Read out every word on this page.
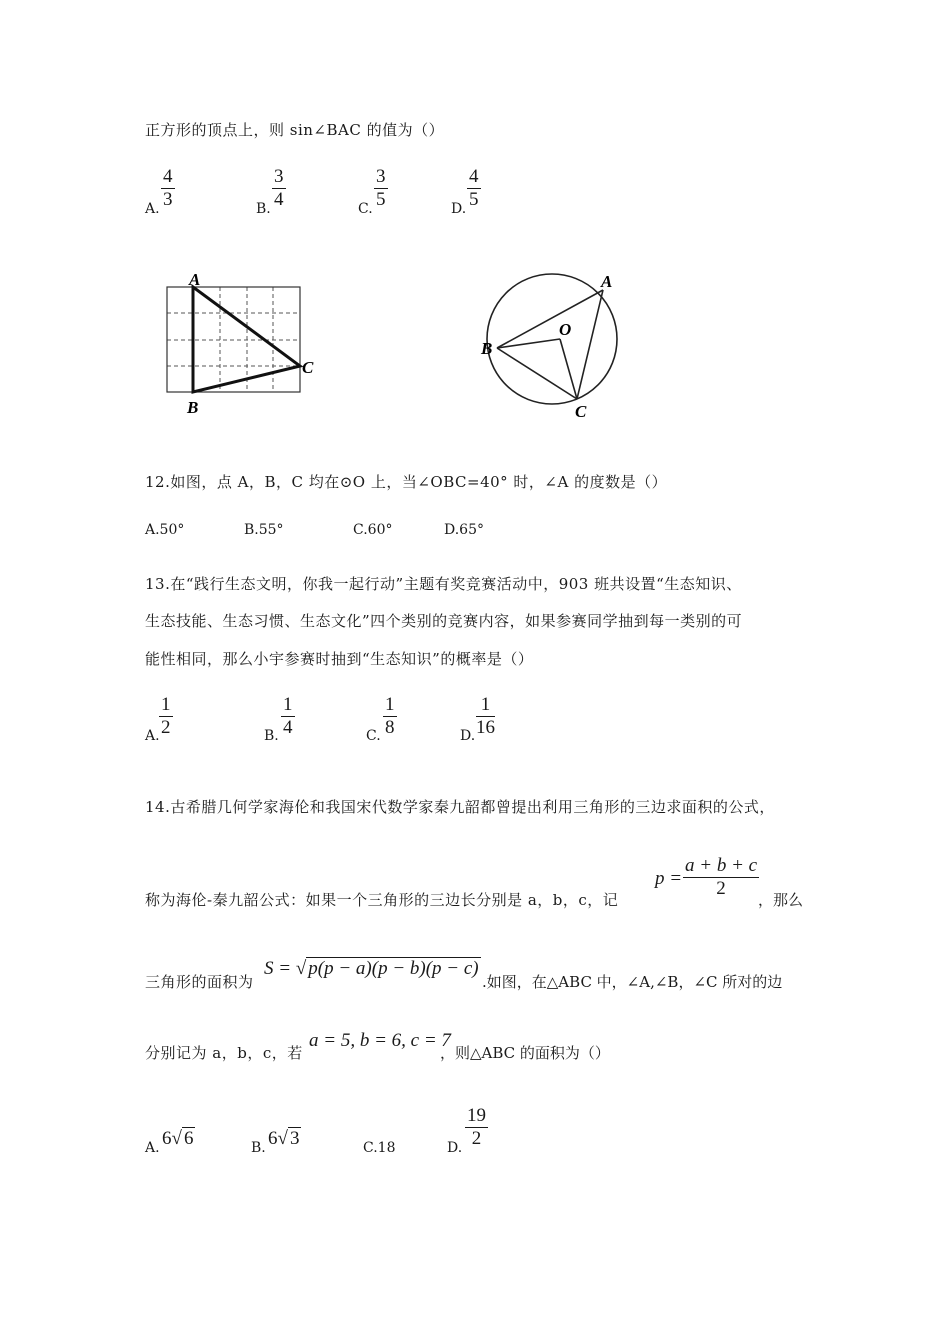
正方形的顶点上，则 sin∠BAC 的值为（）
A. $\frac{4}{3}$	B. $\frac{3}{4}$	C. $\frac{3}{5}$	D. $\frac{4}{5}$
A
B
C
A
B
C
O
12.如图，点 A，B，C 均在⊙O 上，当∠OBC=40° 时，∠A 的度数是（）
A.50°	B.55°	C.60°	D.65°
13.在“践行生态文明，你我一起行动”主题有奖竞赛活动中，903 班共设置“生态知识、
生态技能、生态习惯、生态文化”四个类别的竞赛内容，如果参赛同学抽到每一类别的可
能性相同，那么小宇参赛时抽到“生态知识”的概率是（）
A. $\frac{1}{2}$	B. $\frac{1}{4}$	C. $\frac{1}{8}$	D. $\frac{1}{16}$
14.古希腊几何学家海伦和我国宋代数学家秦九韶都曾提出利用三角形的三边求面积的公式，
称为海伦-秦九韶公式：如果一个三角形的三边长分别是 a，b，c，记
$p = \frac{a + b + c}{2}$
，那么
三角形的面积为
S = √ p(p − a)(p − b)(p − c)
.如图，在△ABC 中，∠A,∠B，∠C 所对的边
分别记为 a，b，c，若
a = 5, b = 6, c = 7
，则△ABC 的面积为（）
A. 6√ 6	B. 6√ 3	C.18	D. $\frac{19}{2}$
